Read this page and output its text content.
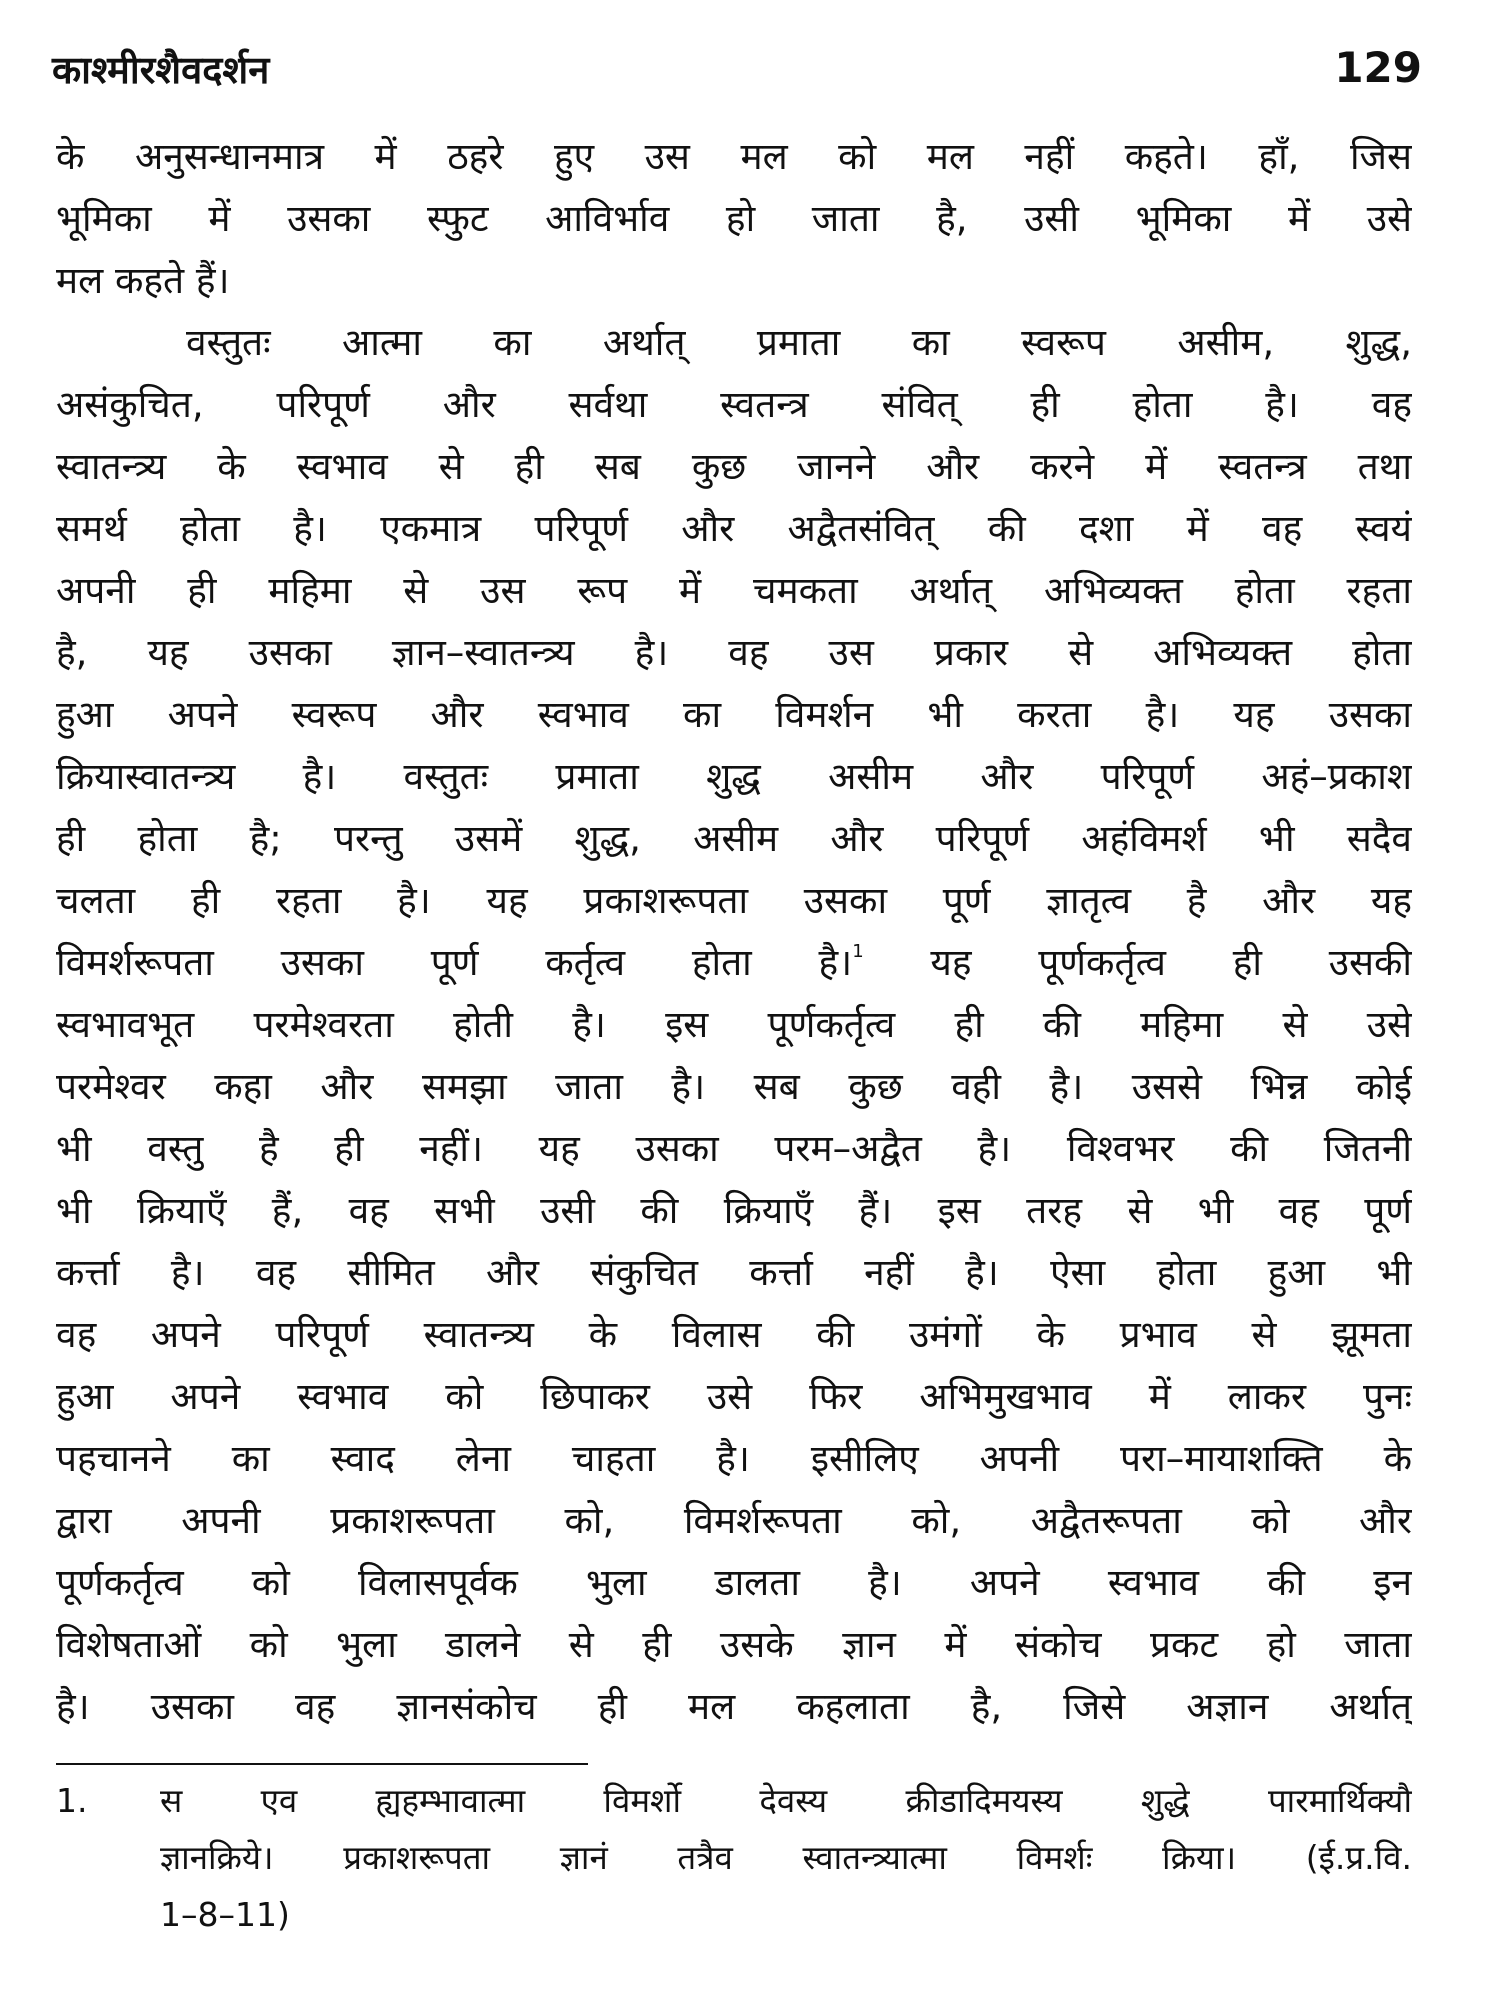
काश्मीरशैवदर्शन	129
के अनुसन्धानमात्र में ठहरे हुए उस मल को मल नहीं कहते। हाँ, जिस
भूमिका में उसका स्फुट आविर्भाव हो जाता है, उसी भूमिका में उसे
मल कहते हैं।
वस्तुतः आत्मा का अर्थात् प्रमाता का स्वरूप असीम, शुद्ध,
असंकुचित, परिपूर्ण और सर्वथा स्वतन्त्र संवित् ही होता है। वह
स्वातन्त्र्य के स्वभाव से ही सब कुछ जानने और करने में स्वतन्त्र तथा
समर्थ होता है। एकमात्र परिपूर्ण और अद्वैतसंवित् की दशा में वह स्वयं
अपनी ही महिमा से उस रूप में चमकता अर्थात् अभिव्यक्त होता रहता
है, यह उसका ज्ञान–स्वातन्त्र्य है। वह उस प्रकार से अभिव्यक्त होता
हुआ अपने स्वरूप और स्वभाव का विमर्शन भी करता है। यह उसका
क्रियास्वातन्त्र्य है। वस्तुतः प्रमाता शुद्ध असीम और परिपूर्ण अहं–प्रकाश
ही होता है; परन्तु उसमें शुद्ध, असीम और परिपूर्ण अहंविमर्श भी सदैव
चलता ही रहता है। यह प्रकाशरूपता उसका पूर्ण ज्ञातृत्व है और यह
विमर्शरूपता उसका पूर्ण कर्तृत्व होता है।$^1$ यह पूर्णकर्तृत्व ही उसकी
स्वभावभूत परमेश्वरता होती है। इस पूर्णकर्तृत्व ही की महिमा से उसे
परमेश्वर कहा और समझा जाता है। सब कुछ वही है। उससे भिन्न कोई
भी वस्तु है ही नहीं। यह उसका परम–अद्वैत है। विश्वभर की जितनी
भी क्रियाएँ हैं, वह सभी उसी की क्रियाएँ हैं। इस तरह से भी वह पूर्ण
कर्त्ता है। वह सीमित और संकुचित कर्त्ता नहीं है। ऐसा होता हुआ भी
वह अपने परिपूर्ण स्वातन्त्र्य के विलास की उमंगों के प्रभाव से झूमता
हुआ अपने स्वभाव को छिपाकर उसे फिर अभिमुखभाव में लाकर पुनः
पहचानने का स्वाद लेना चाहता है। इसीलिए अपनी परा–मायाशक्ति के
द्वारा अपनी प्रकाशरूपता को, विमर्शरूपता को, अद्वैतरूपता को और
पूर्णकर्तृत्व को विलासपूर्वक भुला डालता है। अपने स्वभाव की इन
विशेषताओं को भुला डालने से ही उसके ज्ञान में संकोच प्रकट हो जाता
है। उसका वह ज्ञानसंकोच ही मल कहलाता है, जिसे अज्ञान अर्थात्
1. स एव ह्यहम्भावात्मा विमर्शो देवस्य क्रीडादिमयस्य शुद्धे पारमार्थिक्यौ
ज्ञानक्रिये। प्रकाशरूपता ज्ञानं तत्रैव स्वातन्त्र्यात्मा विमर्शः क्रिया। (ई.प्र.वि.
1–8–11)
